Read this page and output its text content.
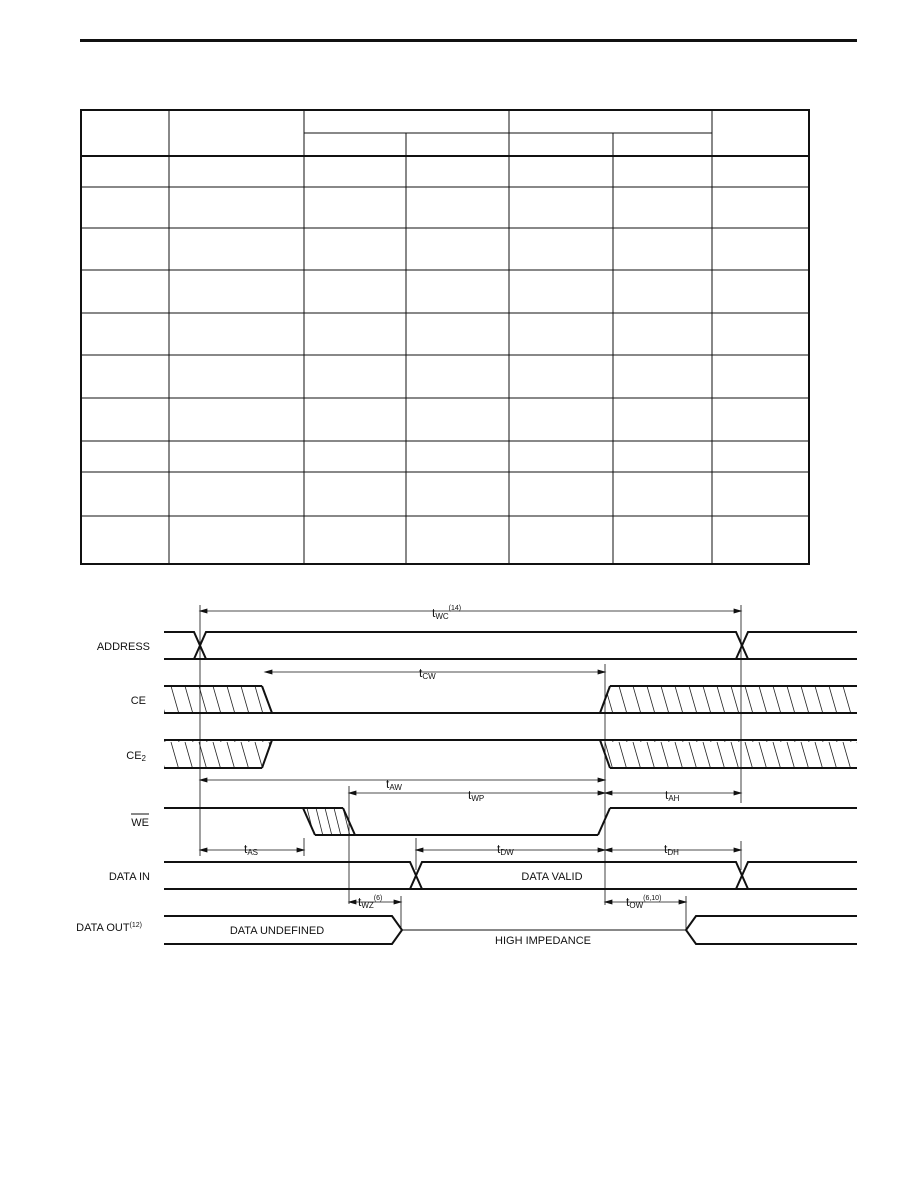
ADDRESS
CE
CE2
WE
DATA IN
DATA OUT$^{(12)}$
DATA VALID
DATA UNDEFINED
HIGH IMPEDANCE
tWC$^{(14)}$
tCW
tAW
tWP	tAH
tAS	tDW	tDH
tWZ$^{(6)}$	tOW$^{(6,10)}$
